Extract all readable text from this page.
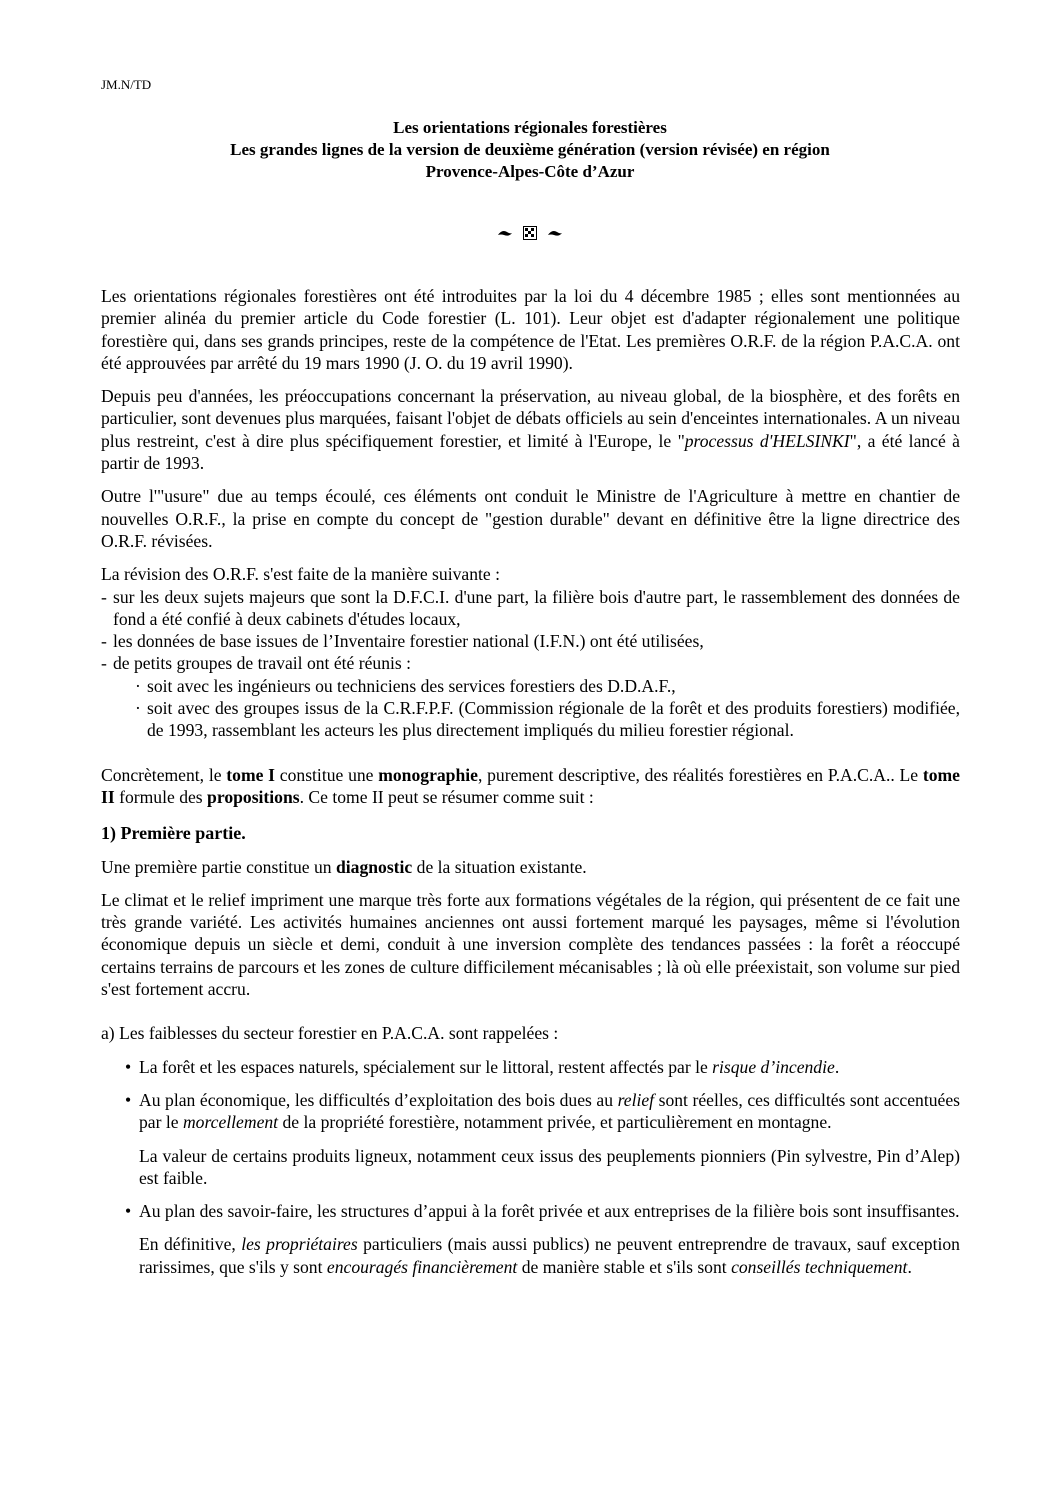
JM.N/TD
Les orientations régionales forestières
Les grandes lignes de la version de deuxième génération (version révisée) en région
Provence-Alpes-Côte d’Azur

Les orientations régionales forestières ont été introduites par la loi du 4 décembre 1985 ; elles sont mentionnées au premier alinéa du premier article du Code forestier (L. 101). Leur objet est d'adapter régionalement une politique forestière qui, dans ses grands principes, reste de la compétence de l'Etat. Les premières O.R.F. de la région P.A.C.A. ont été approuvées par arrêté du 19 mars 1990 (J. O. du 19 avril 1990).

Depuis peu d'années, les préoccupations concernant la préservation, au niveau global, de la biosphère, et des forêts en particulier, sont devenues plus marquées, faisant l'objet de débats officiels au sein d'enceintes internationales. A un niveau plus restreint, c'est à dire plus spécifiquement forestier, et limité à l'Europe, le "processus d'HELSINKI", a été lancé à partir de 1993.

Outre l'"usure" due au temps écoulé, ces éléments ont conduit le Ministre de l'Agriculture à mettre en chantier de nouvelles O.R.F., la prise en compte du concept de "gestion durable" devant en définitive être la ligne directrice des O.R.F. révisées.

La révision des O.R.F. s'est faite de la manière suivante :

- sur les deux sujets majeurs que sont la D.F.C.I. d'une part, la filière bois d'autre part, le rassemblement des données de fond a été confié à deux cabinets d'études locaux,
- les données de base issues de l’Inventaire forestier national (I.F.N.) ont été utilisées,
- de petits groupes de travail ont été réunis :
· soit avec les ingénieurs ou techniciens des services forestiers des D.D.A.F.,
· soit avec des groupes issus de la C.R.F.P.F. (Commission régionale de la forêt et des produits forestiers) modifiée, de 1993, rassemblant les acteurs les plus directement impliqués du milieu forestier régional.

Concrètement, le tome I constitue une monographie, purement descriptive, des réalités forestières en P.A.C.A.. Le tome II formule des propositions. Ce tome II peut se résumer comme suit :

1) Première partie.

Une première partie constitue un diagnostic de la situation existante.

Le climat et le relief impriment une marque très forte aux formations végétales de la région, qui présentent de ce fait une très grande variété. Les activités humaines anciennes ont aussi fortement marqué les paysages, même si l'évolution économique depuis un siècle et demi, conduit à une inversion complète des tendances passées : la forêt a réoccupé certains terrains de parcours et les zones de culture difficilement mécanisables ; là où elle préexistait, son volume sur pied s'est fortement accru.

a) Les faiblesses du secteur forestier en P.A.C.A. sont rappelées :

• La forêt et les espaces naturels, spécialement sur le littoral, restent affectés par le risque d’incendie.
• Au plan économique, les difficultés d’exploitation des bois dues au relief sont réelles, ces difficultés sont accentuées par le morcellement de la propriété forestière, notamment privée, et particulièrement en montagne.

La valeur de certains produits ligneux, notamment ceux issus des peuplements pionniers (Pin sylvestre, Pin d’Alep) est faible.

• Au plan des savoir-faire, les structures d’appui à la forêt privée et aux entreprises de la filière bois sont insuffisantes.

En définitive, les propriétaires particuliers (mais aussi publics) ne peuvent entreprendre de travaux, sauf exception rarissimes, que s'ils y sont encouragés financièrement de manière stable et s'ils sont conseillés techniquement.
